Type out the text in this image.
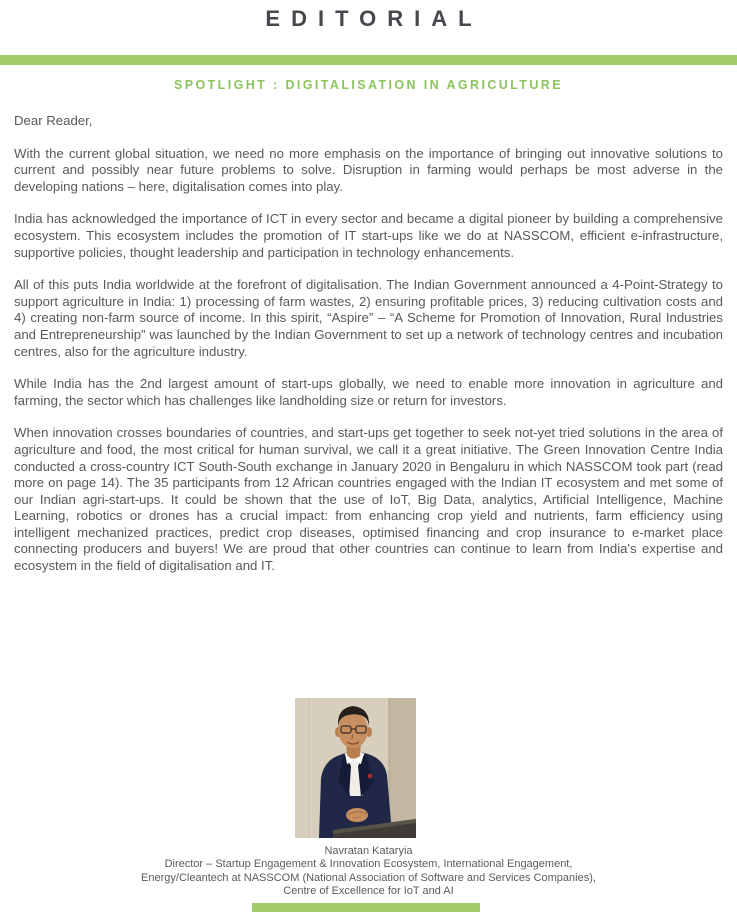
EDITORIAL
SPOTLIGHT : DIGITALISATION IN AGRICULTURE

Dear Reader,

With the current global situation, we need no more emphasis on the importance of bringing out innovative solutions to current and possibly near future problems to solve. Disruption in farming would perhaps be most adverse in the developing nations – here, digitalisation comes into play.

India has acknowledged the importance of ICT in every sector and became a digital pioneer by building a comprehensive ecosystem. This ecosystem includes the promotion of IT start-ups like we do at NASSCOM, efficient e-infrastructure, supportive policies, thought leadership and participation in technology enhancements.

All of this puts India worldwide at the forefront of digitalisation. The Indian Government announced a 4-Point-Strategy to support agriculture in India: 1) processing of farm wastes, 2) ensuring profitable prices, 3) reducing cultivation costs and 4) creating non-farm source of income. In this spirit, “Aspire” – “A Scheme for Promotion of Innovation, Rural Industries and Entrepreneurship” was launched by the Indian Government to set up a network of technology centres and incubation centres, also for the agriculture industry.

While India has the 2nd largest amount of start-ups globally, we need to enable more innovation in agriculture and farming, the sector which has challenges like landholding size or return for investors.

When innovation crosses boundaries of countries, and start-ups get together to seek not-yet tried solutions in the area of agriculture and food, the most critical for human survival, we call it a great initiative. The Green Innovation Centre India conducted a cross-country ICT South-South exchange in January 2020 in Bengaluru in which NASSCOM took part (read more on page 14). The 35 participants from 12 African countries engaged with the Indian IT ecosystem and met some of our Indian agri-start-ups. It could be shown that the use of IoT, Big Data, analytics, Artificial Intelligence, Machine Learning, robotics or drones has a crucial impact: from enhancing crop yield and nutrients, farm efficiency using intelligent mechanized practices, predict crop diseases, optimised financing and crop insurance to e-market place connecting producers and buyers! We are proud that other countries can continue to learn from India's expertise and ecosystem in the field of digitalisation and IT.

Navratan Kataryia
Director – Startup Engagement & Innovation Ecosystem, International Engagement,
Energy/Cleantech at NASSCOM (National Association of Software and Services Companies),
Centre of Excellence for IoT and AI
